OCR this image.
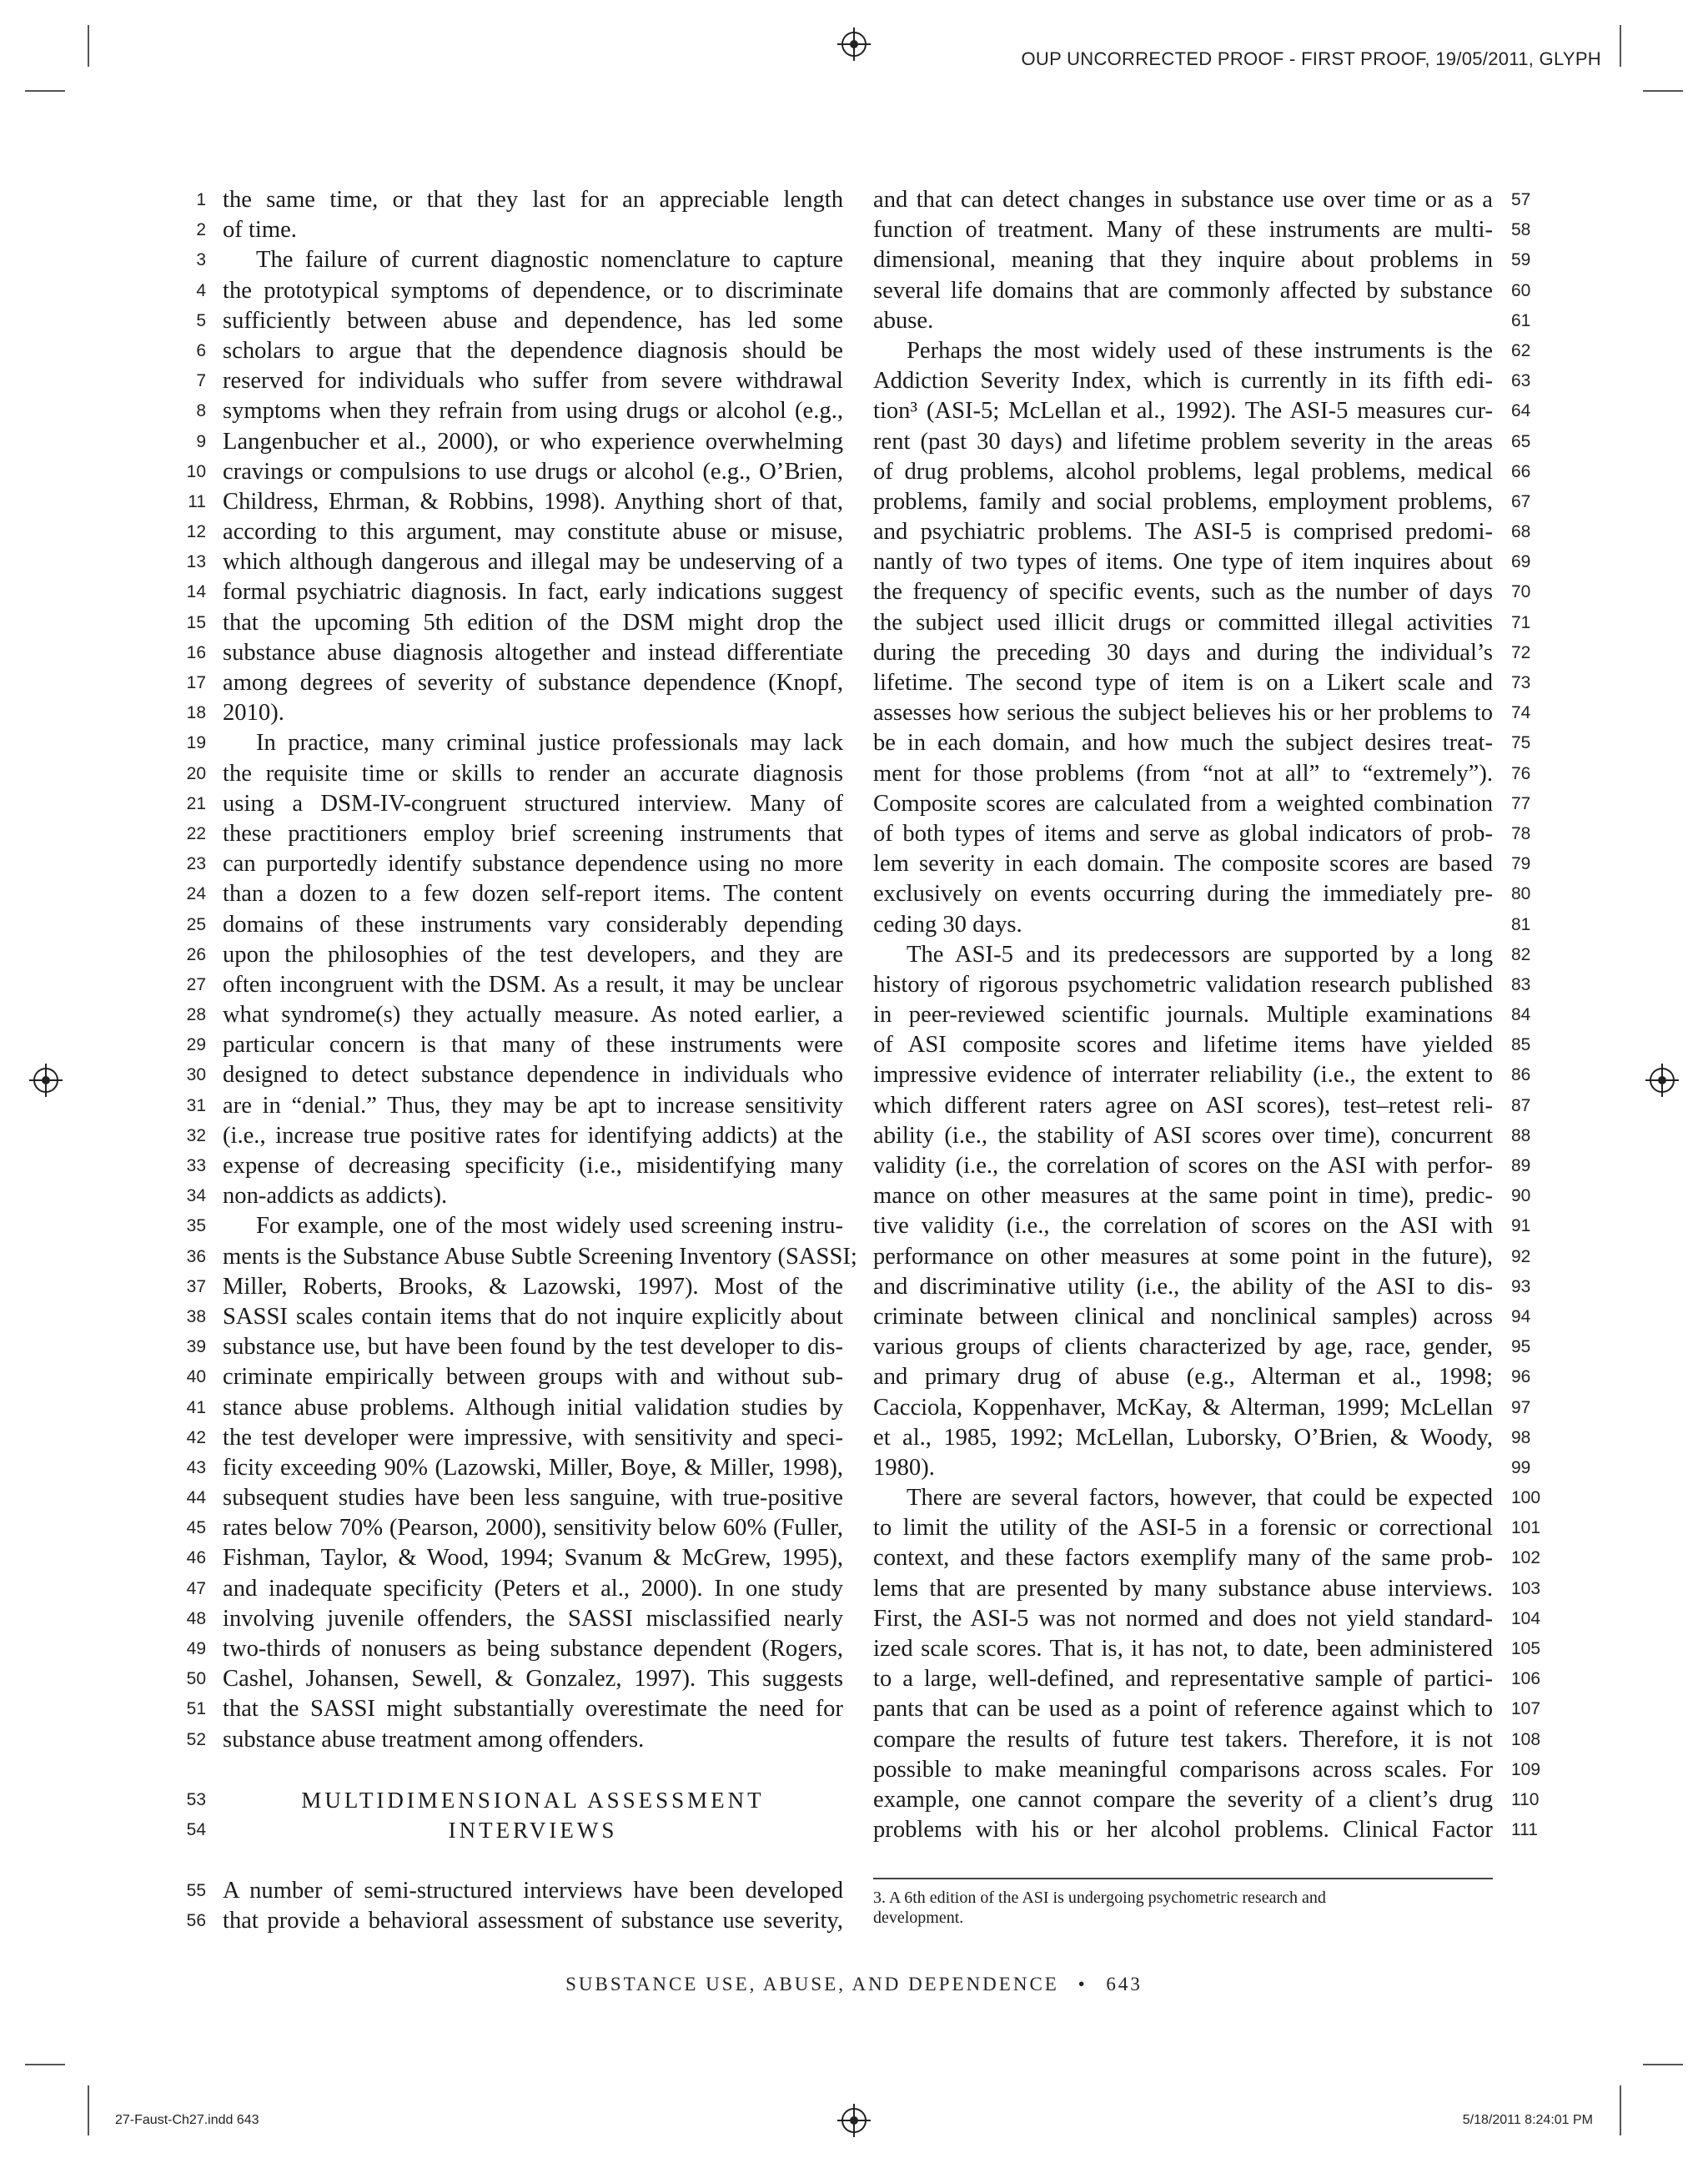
OUP UNCORRECTED PROOF - FIRST PROOF, 19/05/2011, GLYPH
1 the same time, or that they last for an appreciable length
2 of time.
3	The failure of current diagnostic nomenclature to capture
4 the prototypical symptoms of dependence, or to discriminate
5 sufficiently between abuse and dependence, has led some
6 scholars to argue that the dependence diagnosis should be
7 reserved for individuals who suffer from severe withdrawal
8 symptoms when they refrain from using drugs or alcohol (e.g.,
9 Langenbucher et al., 2000), or who experience overwhelming
10 cravings or compulsions to use drugs or alcohol (e.g., O’Brien,
11 Childress, Ehrman, & Robbins, 1998). Anything short of that,
12 according to this argument, may constitute abuse or misuse,
13 which although dangerous and illegal may be undeserving of a
14 formal psychiatric diagnosis. In fact, early indications suggest
15 that the upcoming 5th edition of the DSM might drop the
16 substance abuse diagnosis altogether and instead differentiate
17 among degrees of severity of substance dependence (Knopf,
18 2010).
19	In practice, many criminal justice professionals may lack
20 the requisite time or skills to render an accurate diagnosis
21 using a DSM-IV-congruent structured interview. Many of
22 these practitioners employ brief screening instruments that
23 can purportedly identify substance dependence using no more
24 than a dozen to a few dozen self-report items. The content
25 domains of these instruments vary considerably depending
26 upon the philosophies of the test developers, and they are
27 often incongruent with the DSM. As a result, it may be unclear
28 what syndrome(s) they actually measure. As noted earlier, a
29 particular concern is that many of these instruments were
30 designed to detect substance dependence in individuals who
31 are in “denial.” Thus, they may be apt to increase sensitivity
32 (i.e., increase true positive rates for identifying addicts) at the
33 expense of decreasing specificity (i.e., misidentifying many
34 non-addicts as addicts).
35	For example, one of the most widely used screening instru-
36 ments is the Substance Abuse Subtle Screening Inventory (SASSI;
37 Miller, Roberts, Brooks, & Lazowski, 1997). Most of the
38 SASSI scales contain items that do not inquire explicitly about
39 substance use, but have been found by the test developer to dis-
40 criminate empirically between groups with and without sub-
41 stance abuse problems. Although initial validation studies by
42 the test developer were impressive, with sensitivity and speci-
43 ficity exceeding 90% (Lazowski, Miller, Boye, & Miller, 1998),
44 subsequent studies have been less sanguine, with true-positive
45 rates below 70% (Pearson, 2000), sensitivity below 60% (Fuller,
46 Fishman, Taylor, & Wood, 1994; Svanum & McGrew, 1995),
47 and inadequate specificity (Peters et al., 2000). In one study
48 involving juvenile offenders, the SASSI misclassified nearly
49 two-thirds of nonusers as being substance dependent (Rogers,
50 Cashel, Johansen, Sewell, & Gonzalez, 1997). This suggests
51 that the SASSI might substantially overestimate the need for
52 substance abuse treatment among offenders.
53	MULTIDIMENSIONAL ASSESSMENT
54	INTERVIEWS
55 A number of semi-structured interviews have been developed
56 that provide a behavioral assessment of substance use severity,
57
and that can detect changes in substance use over time or as a
58
function of treatment. Many of these instruments are multi-
59
dimensional, meaning that they inquire about problems in
60
several life domains that are commonly affected by substance
61
abuse.
62
Perhaps the most widely used of these instruments is the
63
Addiction Severity Index, which is currently in its fifth edi-
64
tion³ (ASI-5; McLellan et al., 1992). The ASI-5 measures cur-
65
rent (past 30 days) and lifetime problem severity in the areas
66
of drug problems, alcohol problems, legal problems, medical
67
problems, family and social problems, employment problems,
68
and psychiatric problems. The ASI-5 is comprised predomi-
69
nantly of two types of items. One type of item inquires about
70
the frequency of specific events, such as the number of days
71
the subject used illicit drugs or committed illegal activities
72
during the preceding 30 days and during the individual’s
73
lifetime. The second type of item is on a Likert scale and
74
assesses how serious the subject believes his or her problems to
75
be in each domain, and how much the subject desires treat-
76
ment for those problems (from “not at all” to “extremely”).
77
Composite scores are calculated from a weighted combination
78
of both types of items and serve as global indicators of prob-
79
lem severity in each domain. The composite scores are based
80
exclusively on events occurring during the immediately pre-
81
ceding 30 days.
82
The ASI-5 and its predecessors are supported by a long
83
history of rigorous psychometric validation research published
84
in peer-reviewed scientific journals. Multiple examinations
85
of ASI composite scores and lifetime items have yielded
86
impressive evidence of interrater reliability (i.e., the extent to
87
which different raters agree on ASI scores), test–retest reli-
88
ability (i.e., the stability of ASI scores over time), concurrent
89
validity (i.e., the correlation of scores on the ASI with perfor-
90
mance on other measures at the same point in time), predic-
91
tive validity (i.e., the correlation of scores on the ASI with
92
performance on other measures at some point in the future),
93
and discriminative utility (i.e., the ability of the ASI to dis-
94
criminate between clinical and nonclinical samples) across
95
various groups of clients characterized by age, race, gender,
96
and primary drug of abuse (e.g., Alterman et al., 1998;
97
Cacciola, Koppenhaver, McKay, & Alterman, 1999; McLellan
98
et al., 1985, 1992; McLellan, Luborsky, O’Brien, & Woody,
99
1980).
100
There are several factors, however, that could be expected
101
to limit the utility of the ASI-5 in a forensic or correctional
102
context, and these factors exemplify many of the same prob-
103
lems that are presented by many substance abuse interviews.
104
First, the ASI-5 was not normed and does not yield standard-
105
ized scale scores. That is, it has not, to date, been administered
106
to a large, well-defined, and representative sample of partici-
107
pants that can be used as a point of reference against which to
108
compare the results of future test takers. Therefore, it is not
109
possible to make meaningful comparisons across scales. For
110
example, one cannot compare the severity of a client’s drug
111
problems with his or her alcohol problems. Clinical Factor
3. A 6th edition of the ASI is undergoing psychometric research and
development.
SUBSTANCE USE, ABUSE, AND DEPENDENCE • 643
27-Faust-Ch27.indd 643	5/18/2011 8:24:01 PM
